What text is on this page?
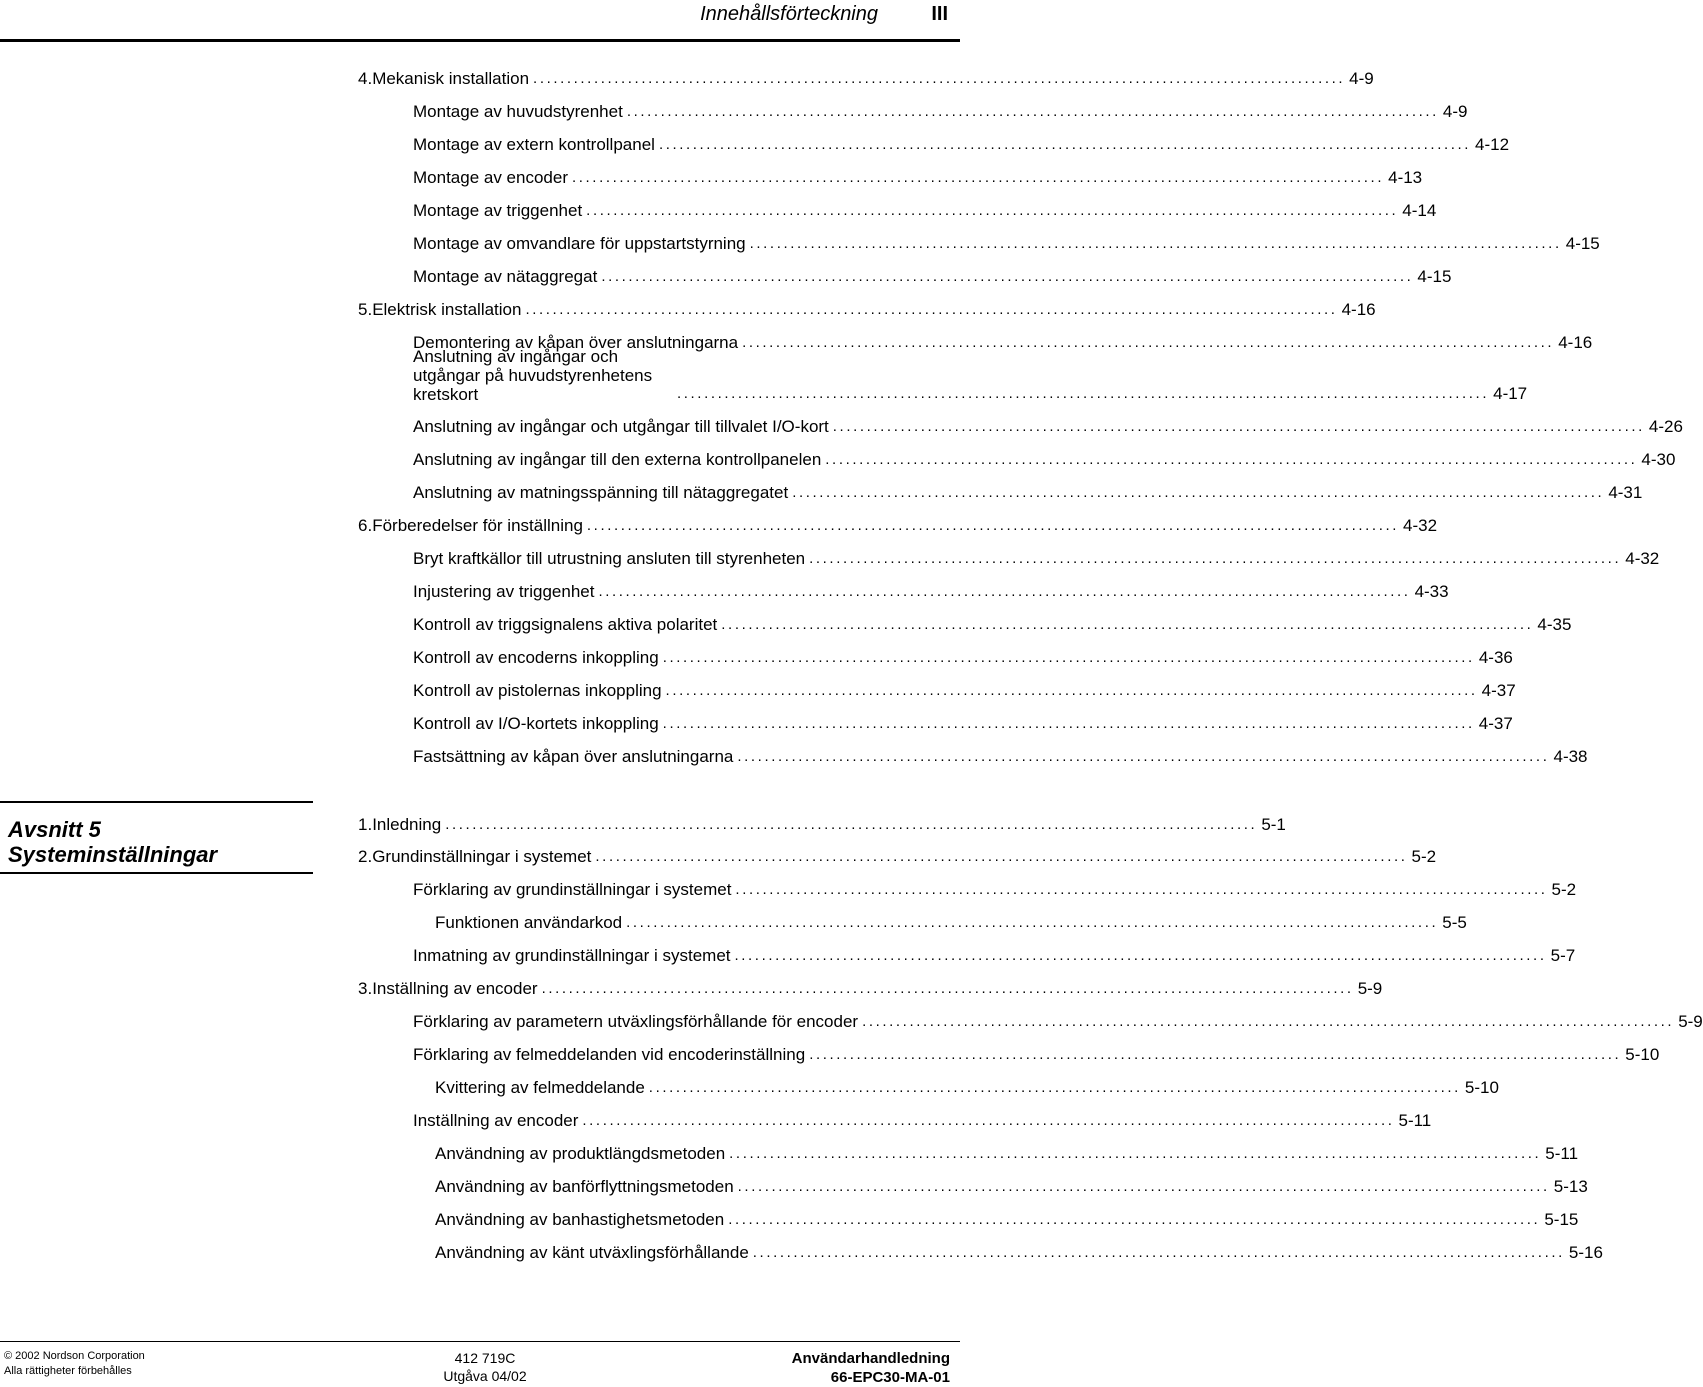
Innehållsförteckning	III
Avsnitt 5
Systeminställningar
4. Mekanisk installation ........................................................................................................................ 4-9
Montage av huvudstyrenhet ........................................................................................................................ 4-9
Montage av extern kontrollpanel ........................................................................................................................ 4-12
Montage av encoder ........................................................................................................................ 4-13
Montage av triggenhet ........................................................................................................................ 4-14
Montage av omvandlare för uppstartstyrning ........................................................................................................................ 4-15
Montage av nätaggregat ........................................................................................................................ 4-15
5. Elektrisk installation ........................................................................................................................ 4-16
Demontering av kåpan över anslutningarna ........................................................................................................................ 4-16
Anslutning av ingångar och utgångar på huvudstyrenhetens kretskort	........................................................................................................................ 4-17
Anslutning av ingångar och utgångar till tillvalet I/O-kort ........................................................................................................................ 4-26
Anslutning av ingångar till den externa kontrollpanelen ........................................................................................................................ 4-30
Anslutning av matningsspänning till nätaggregatet ........................................................................................................................ 4-31
6. Förberedelser för inställning ........................................................................................................................ 4-32
Bryt kraftkällor till utrustning ansluten till styrenheten ........................................................................................................................ 4-32
Injustering av triggenhet ........................................................................................................................ 4-33
Kontroll av triggsignalens aktiva polaritet ........................................................................................................................ 4-35
Kontroll av encoderns inkoppling ........................................................................................................................ 4-36
Kontroll av pistolernas inkoppling ........................................................................................................................ 4-37
Kontroll av I/O-kortets inkoppling ........................................................................................................................ 4-37
Fastsättning av kåpan över anslutningarna ........................................................................................................................ 4-38
1. Inledning ........................................................................................................................ 5-1
2. Grundinställningar i systemet ........................................................................................................................ 5-2
Förklaring av grundinställningar i systemet ........................................................................................................................ 5-2
Funktionen användarkod ........................................................................................................................ 5-5
Inmatning av grundinställningar i systemet ........................................................................................................................ 5-7
3. Inställning av encoder ........................................................................................................................ 5-9
Förklaring av parametern utväxlingsförhållande för encoder ........................................................................................................................ 5-9
Förklaring av felmeddelanden vid encoderinställning ........................................................................................................................ 5-10
Kvittering av felmeddelande ........................................................................................................................ 5-10
Inställning av encoder ........................................................................................................................ 5-11
Användning av produktlängdsmetoden ........................................................................................................................ 5-11
Användning av banförflyttningsmetoden ........................................................................................................................ 5-13
Användning av banhastighetsmetoden ........................................................................................................................ 5-15
Användning av känt utväxlingsförhållande ........................................................................................................................ 5-16
© 2002 Nordson Corporation
Alla rättigheter förbehålles
412 719C
Utgåva 04/02
Användarhandledning
66-EPC30-MA-01
